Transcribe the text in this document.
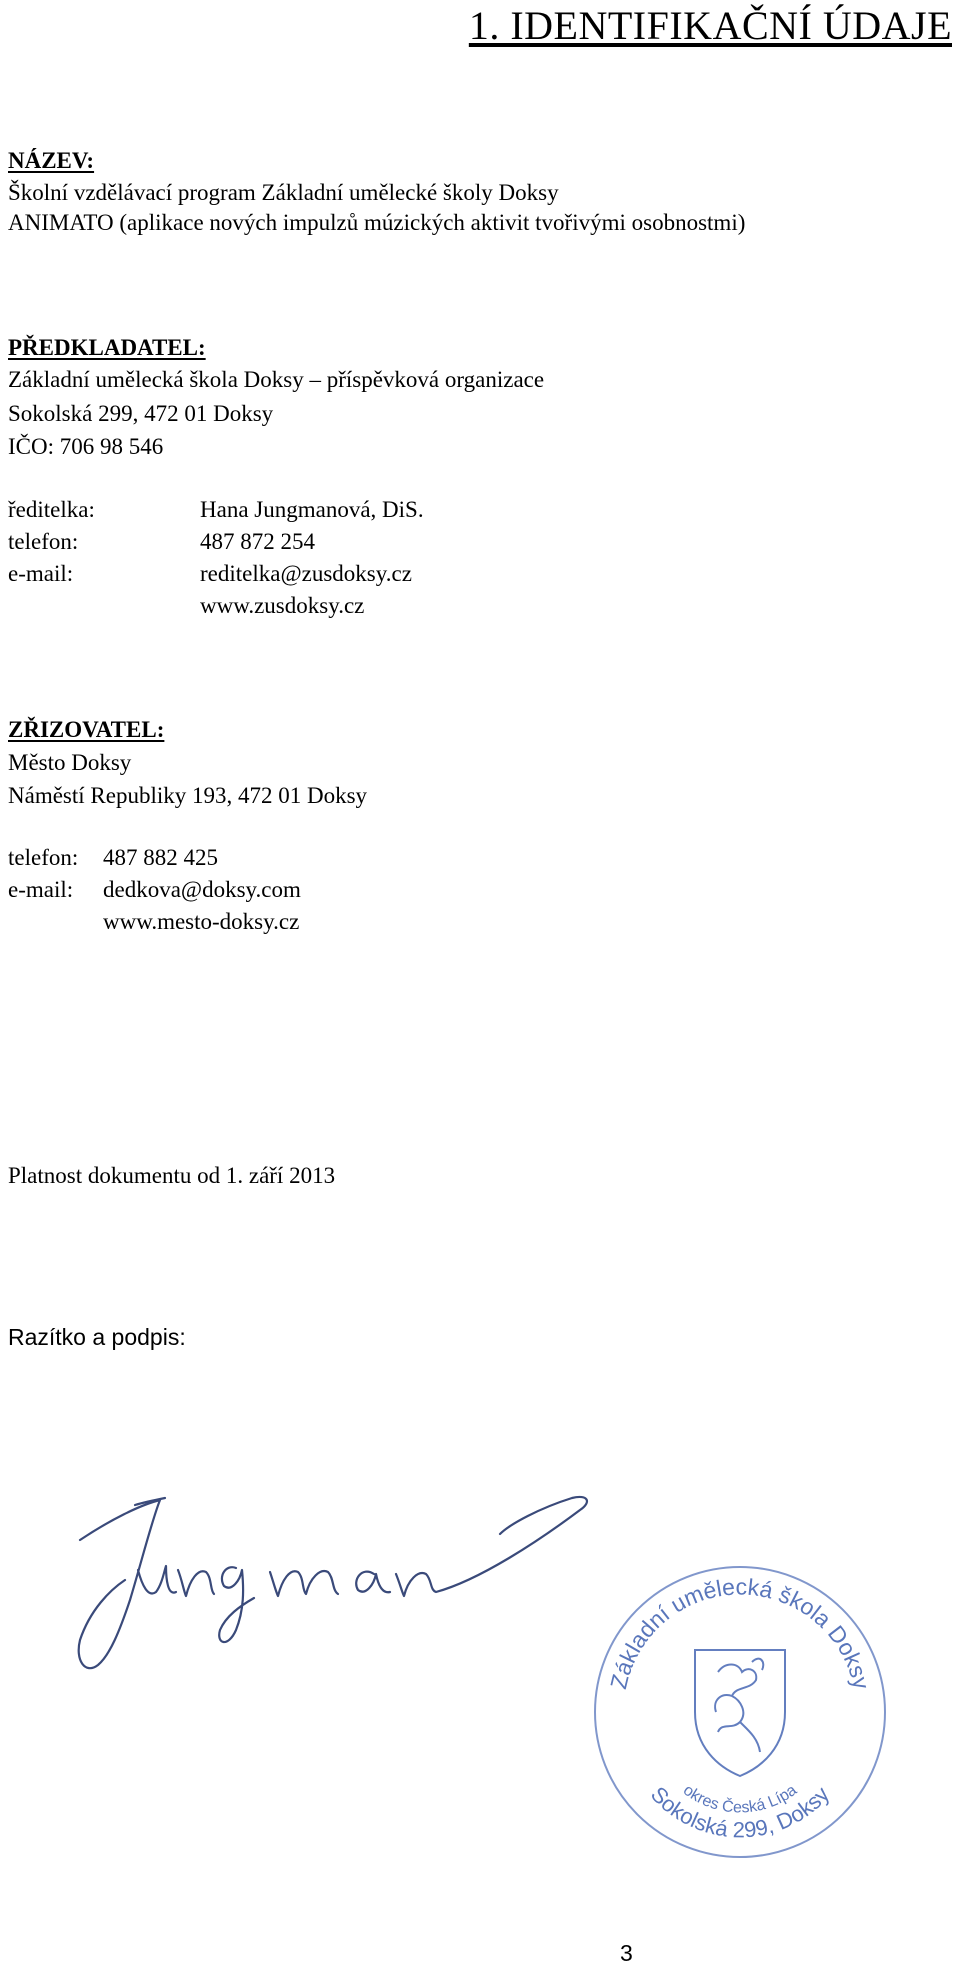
1. IDENTIFIKAČNÍ ÚDAJE
NÁZEV:
Školní vzdělávací program Základní umělecké školy Doksy
ANIMATO (aplikace nových impulzů múzických aktivit tvořivými osobnostmi)
PŘEDKLADATEL:
Základní umělecká škola Doksy – příspěvková organizace
Sokolská 299, 472 01 Doksy
IČO: 706 98 546
ředitelka:	Hana Jungmanová, DiS.
telefon:	487 872 254
e-mail:	reditelka@zusdoksy.cz
www.zusdoksy.cz
ZŘIZOVATEL:
Město Doksy
Náměstí Republiky 193, 472 01 Doksy
telefon: 487 882 425
e-mail: dedkova@doksy.com
www.mesto-doksy.cz
Platnost dokumentu od 1. září 2013
Razítko a podpis:
Základní umělecká škola Doksy
okres Česká Lípa
Sokolská 299, Doksy
3
